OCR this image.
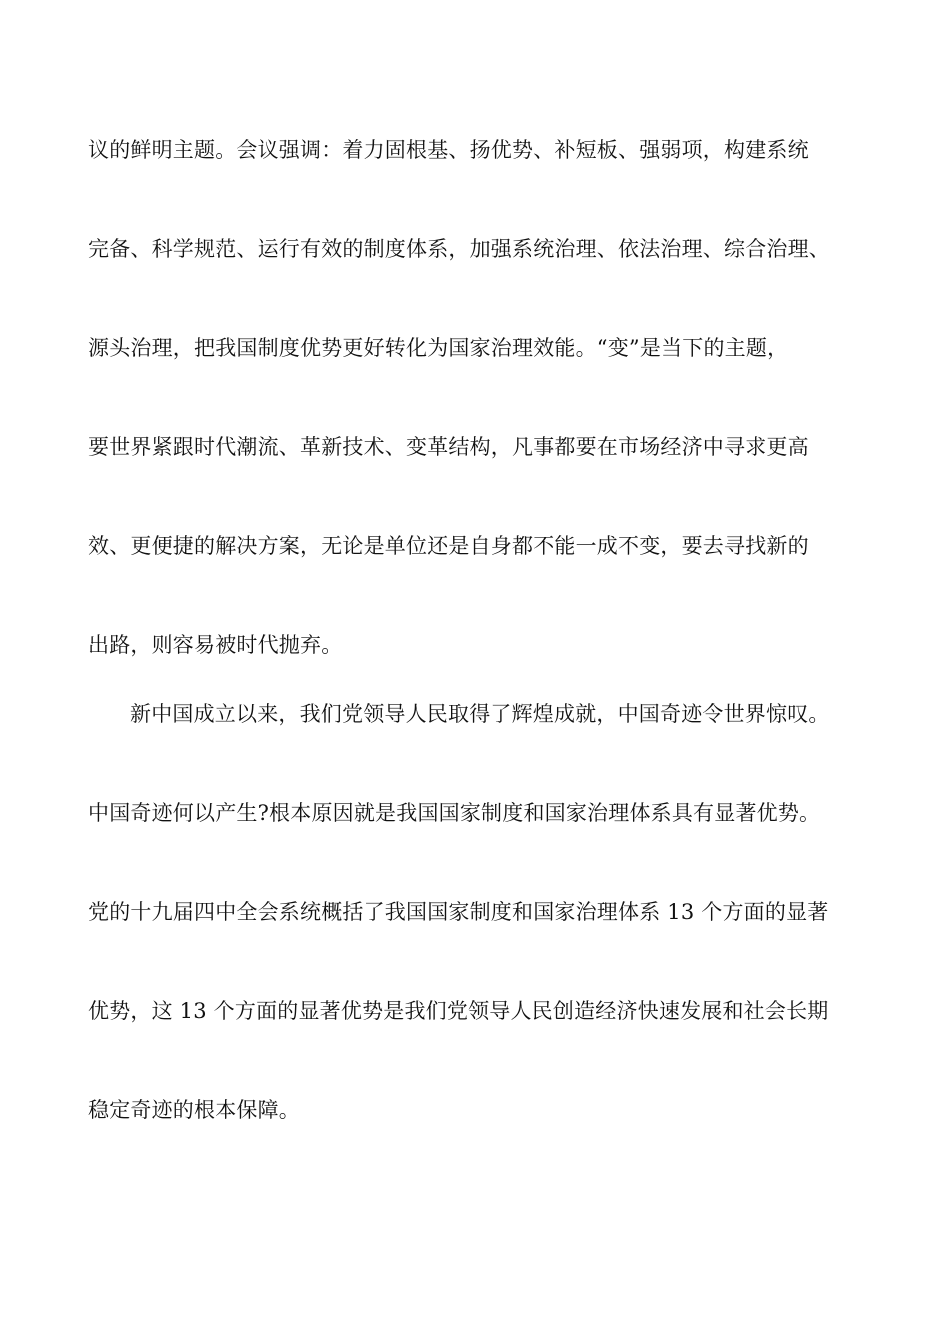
议的鲜明主题。会议强调：着力固根基、扬优势、补短板、强弱项，构建系统
完备、科学规范、运行有效的制度体系，加强系统治理、依法治理、综合治理、
源头治理，把我国制度优势更好转化为国家治理效能。“变”是当下的主题，
要世界紧跟时代潮流、革新技术、变革结构，凡事都要在市场经济中寻求更高
效、更便捷的解决方案，无论是单位还是自身都不能一成不变，要去寻找新的
出路，则容易被时代抛弃。
新中国成立以来，我们党领导人民取得了辉煌成就，中国奇迹令世界惊叹。
中国奇迹何以产生?根本原因就是我国国家制度和国家治理体系具有显著优势。
党的十九届四中全会系统概括了我国国家制度和国家治理体系 13 个方面的显著
优势，这 13 个方面的显著优势是我们党领导人民创造经济快速发展和社会长期
稳定奇迹的根本保障。
